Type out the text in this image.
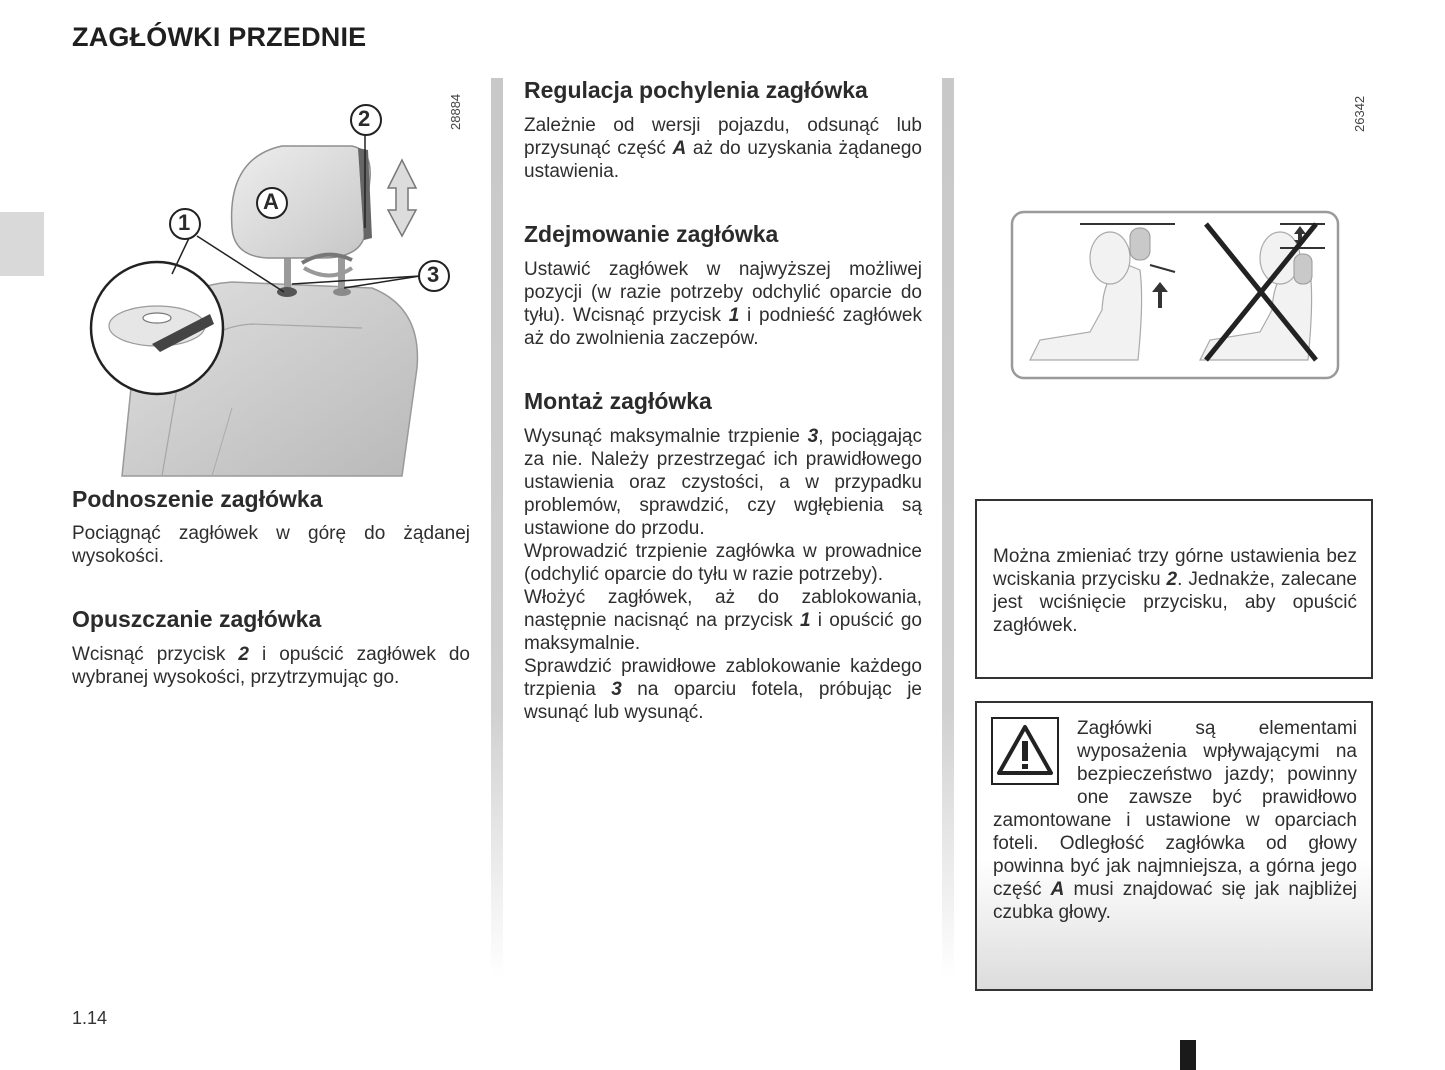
ZAGŁÓWKI PRZEDNIE
2
1
3
A
28884
Podnoszenie zagłówka

Pociągnąć zagłówek w górę do żądanej wysokości.

Opuszczanie zagłówka

Wcisnąć przycisk 2 i opuścić zagłówek do wybranej wysokości, przytrzymując go.

Regulacja pochylenia zagłówka

Zależnie od wersji pojazdu, odsunąć lub przysunąć część A aż do uzyskania żądanego ustawienia.

Zdejmowanie zagłówka

Ustawić zagłówek w najwyższej możliwej pozycji (w razie potrzeby odchylić oparcie do tyłu). Wcisnąć przycisk 1 i podnieść zagłówek aż do zwolnienia zaczepów.

Montaż zagłówka

Wysunąć maksymalnie trzpienie 3, pociągając za nie. Należy przestrzegać ich prawidłowego ustawienia oraz czystości, a w przypadku problemów, sprawdzić, czy wgłębienia są ustawione do przodu.

Wprowadzić trzpienie zagłówka w prowadnice (odchylić oparcie do tyłu w razie potrzeby).

Włożyć zagłówek, aż do zablokowania, następnie nacisnąć na przycisk 1 i opuścić go maksymalnie.

Sprawdzić prawidłowe zablokowanie każdego trzpienia 3 na oparciu fotela, próbując je wsunąć lub wysunąć.

26342

Można zmieniać trzy górne ustawienia bez wciskania przycisku 2. Jednakże, zalecane jest wciśnięcie przycisku, aby opuścić zagłówek.

Zagłówki są elementami wyposażenia wpływającymi na bezpieczeństwo jazdy; powinny one zawsze być prawidłowo zamontowane i ustawione w oparciach foteli. Odległość zagłówka od głowy powinna być jak najmniejsza, a górna jego część A musi znajdować się jak najbliżej czubka głowy.

1.14
